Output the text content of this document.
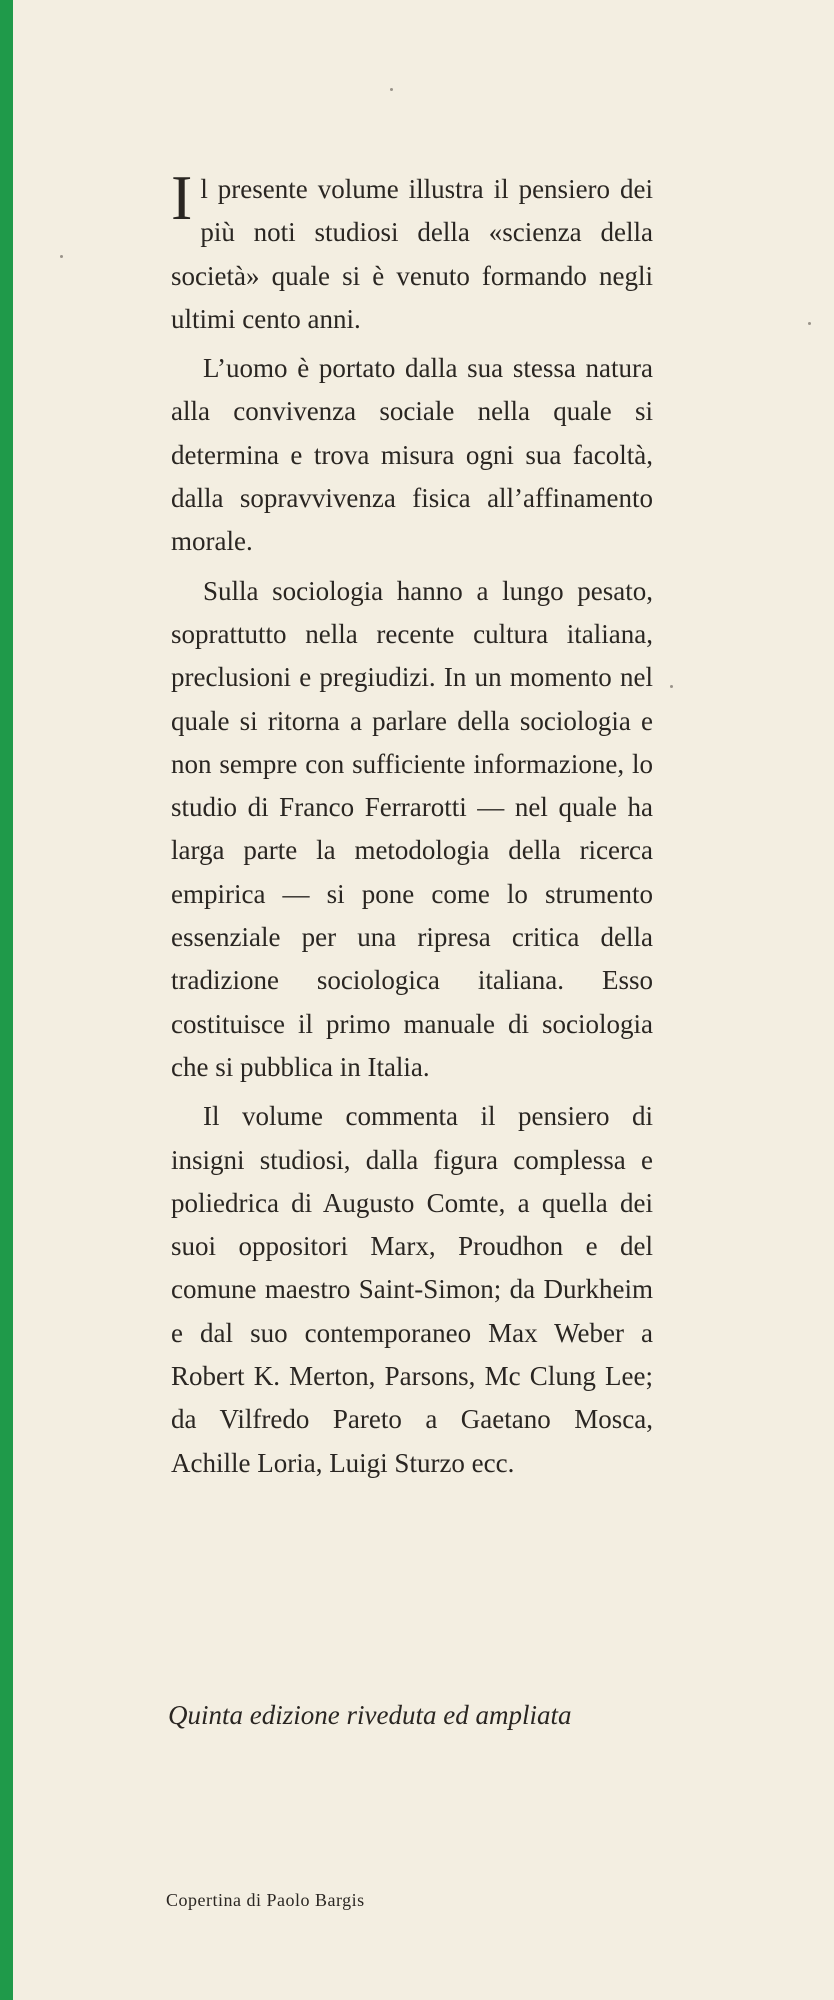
Il presente volume illustra il pensiero dei più noti studiosi della «scienza della società» quale si è venuto formando negli ultimi cento anni.

L’uomo è portato dalla sua stessa natura alla convivenza sociale nella quale si determina e trova misura ogni sua facoltà, dalla sopravvivenza fisica all’affinamento morale.

Sulla sociologia hanno a lungo pesato, soprattutto nella recente cultura italiana, preclusioni e pregiudizi. In un momento nel quale si ritorna a parlare della sociologia e non sempre con sufficiente informazione, lo studio di Franco Ferrarotti — nel quale ha larga parte la metodologia della ricerca empirica — si pone come lo strumento essenziale per una ripresa critica della tradizione sociologica italiana. Esso costituisce il primo manuale di sociologia che si pubblica in Italia.

Il volume commenta il pensiero di insigni studiosi, dalla figura complessa e poliedrica di Augusto Comte, a quella dei suoi oppositori Marx, Proudhon e del comune maestro Saint-Simon; da Durkheim e dal suo contemporaneo Max Weber a Robert K. Merton, Parsons, Mc Clung Lee; da Vilfredo Pareto a Gaetano Mosca, Achille Loria, Luigi Sturzo ecc.

Quinta edizione riveduta ed ampliata
Copertina di Paolo Bargis
